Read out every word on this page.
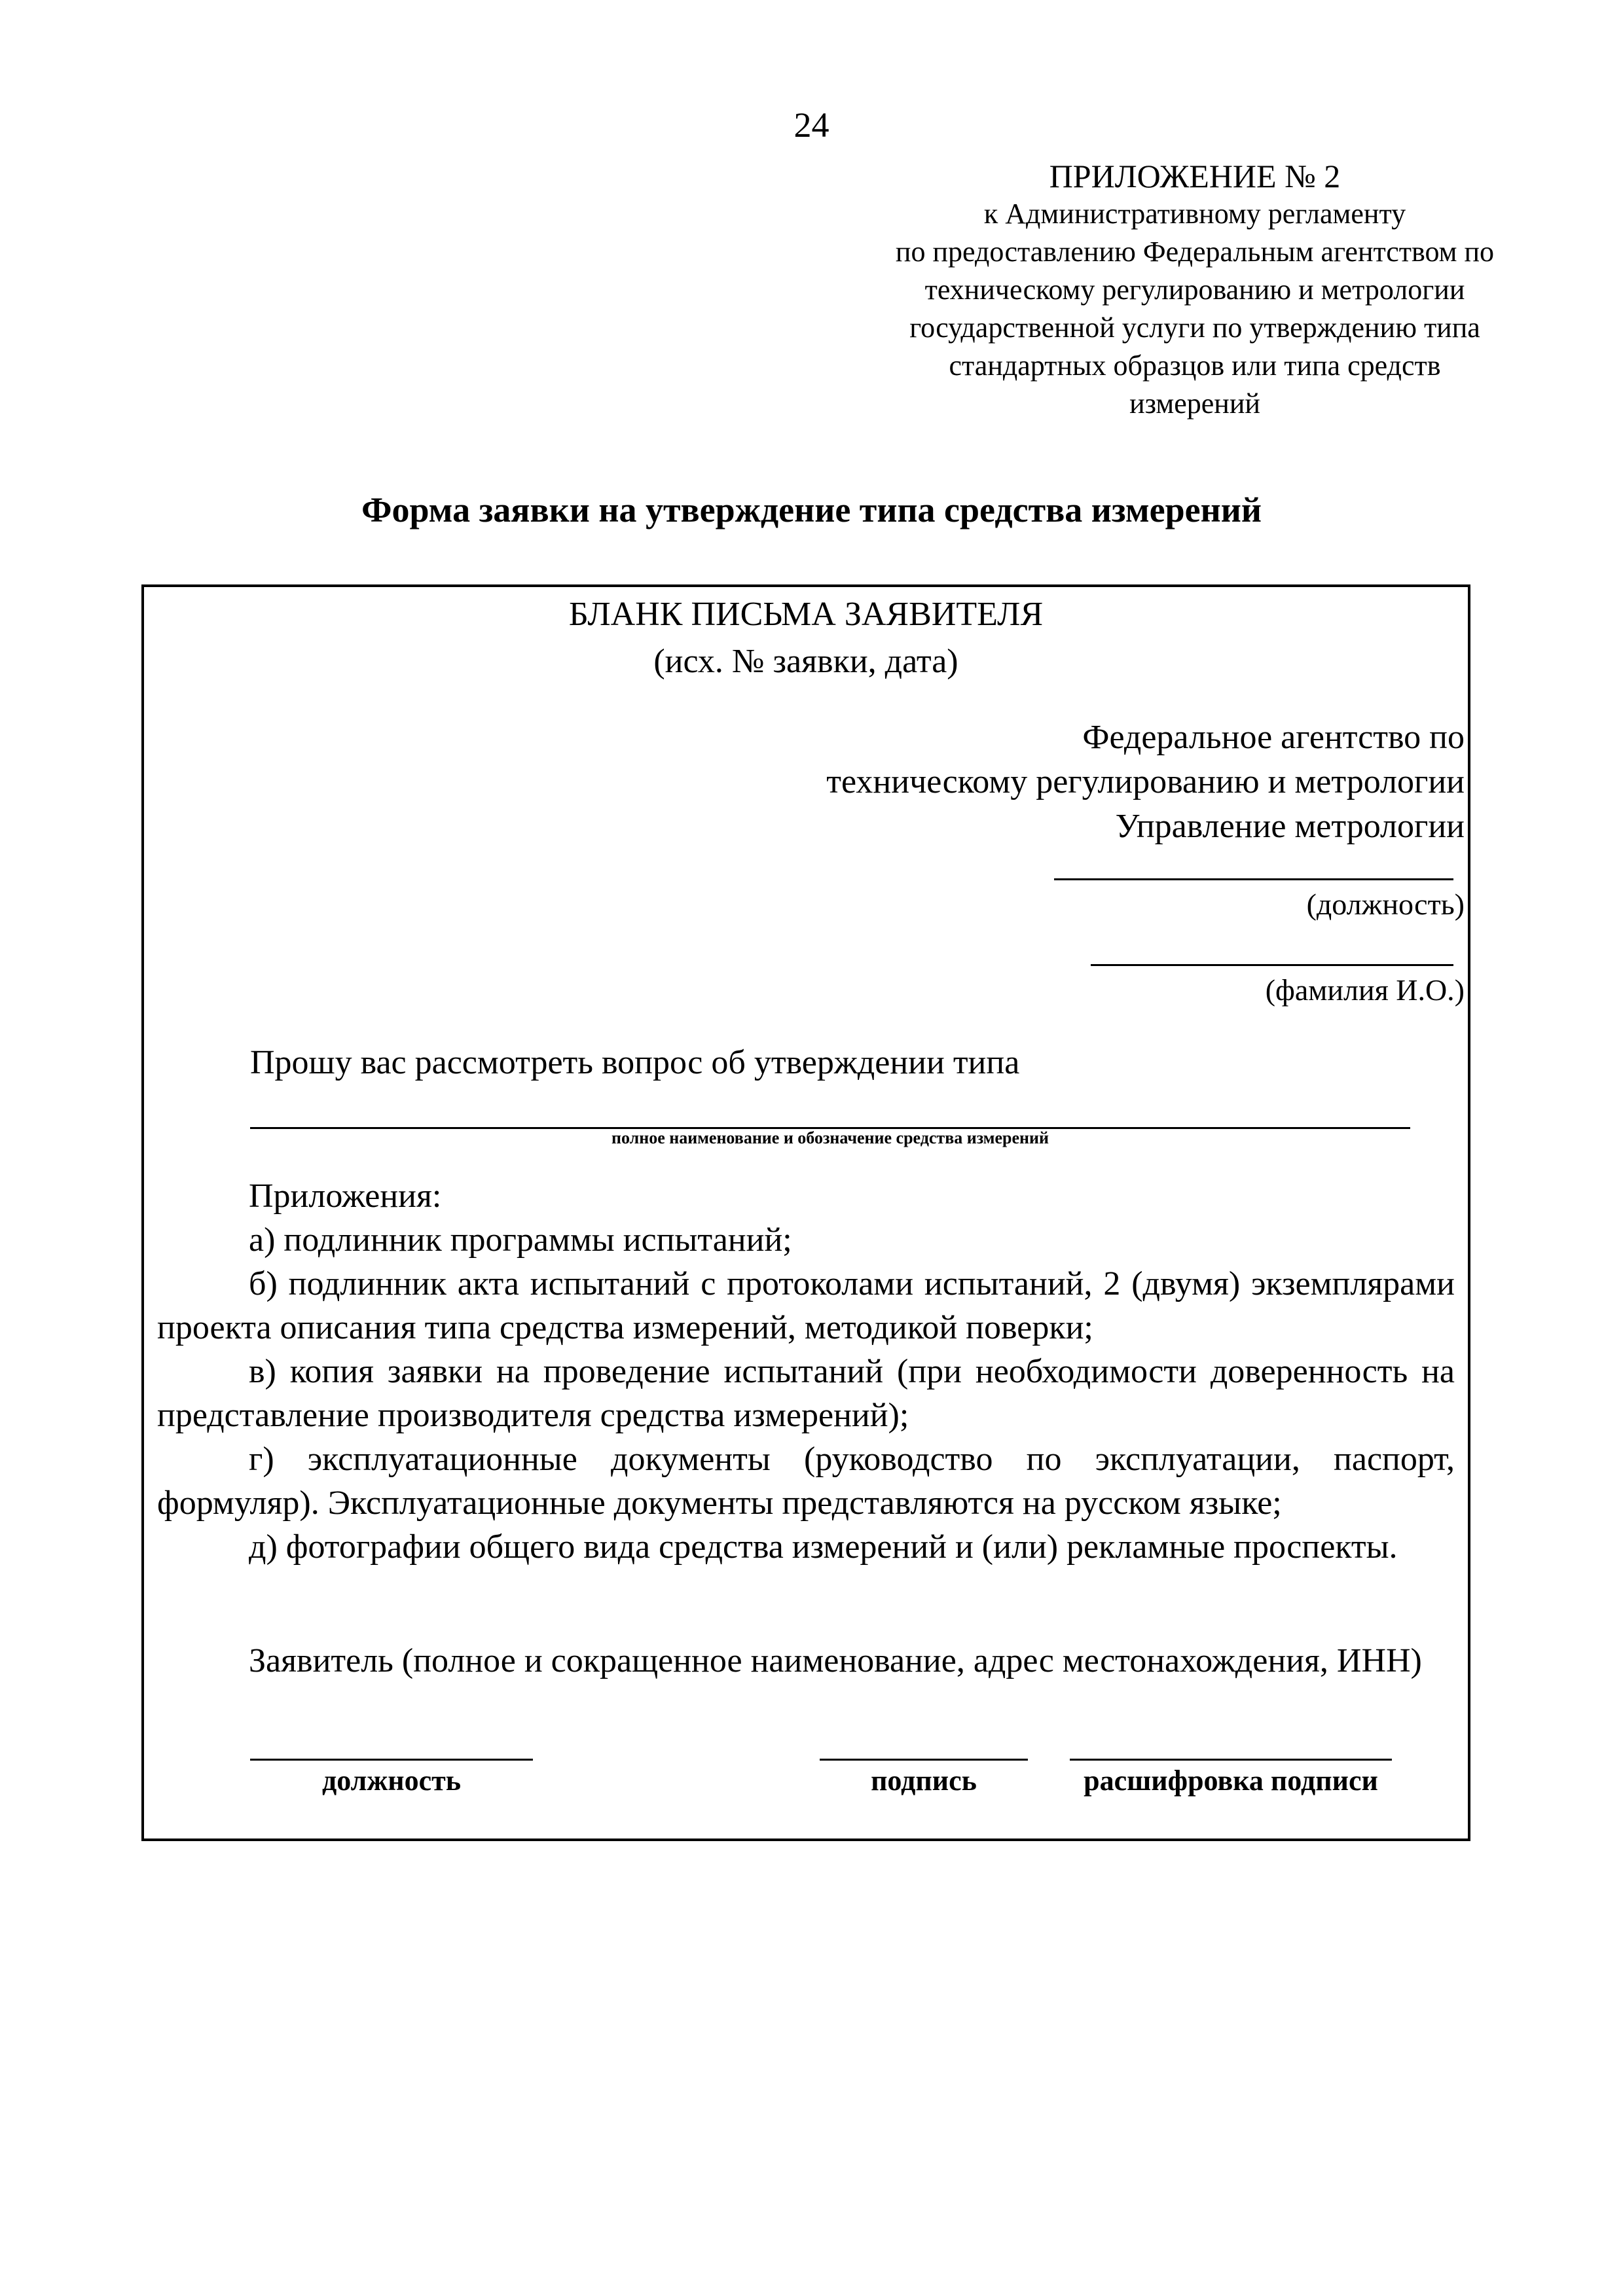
24
ПРИЛОЖЕНИЕ № 2
к Административному регламенту
по предоставлению Федеральным агентством по
техническому регулированию и метрологии
государственной услуги по утверждению типа
стандартных образцов или типа средств
измерений
Форма заявки на утверждение типа средства измерений
БЛАНК ПИСЬМА ЗАЯВИТЕЛЯ
(исх. № заявки, дата)
Федеральное агентство по
техническому регулированию и метрологии
Управление метрологии
(должность)
(фамилия И.О.)
Прошу вас рассмотреть вопрос об утверждении типа
полное наименование и обозначение средства измерений
Приложения:
а) подлинник программы испытаний;
б) подлинник акта испытаний с протоколами испытаний, 2 (двумя) экземплярами проекта описания типа средства измерений, методикой поверки;
в) копия заявки на проведение испытаний (при необходимости доверенность на представление производителя средства измерений);
г) эксплуатационные документы (руководство по эксплуатации, паспорт, формуляр). Эксплуатационные документы представляются на русском языке;
д) фотографии общего вида средства измерений и (или) рекламные проспекты.
Заявитель (полное и сокращенное наименование, адрес местонахождения, ИНН)
должность	подпись	расшифровка подписи
